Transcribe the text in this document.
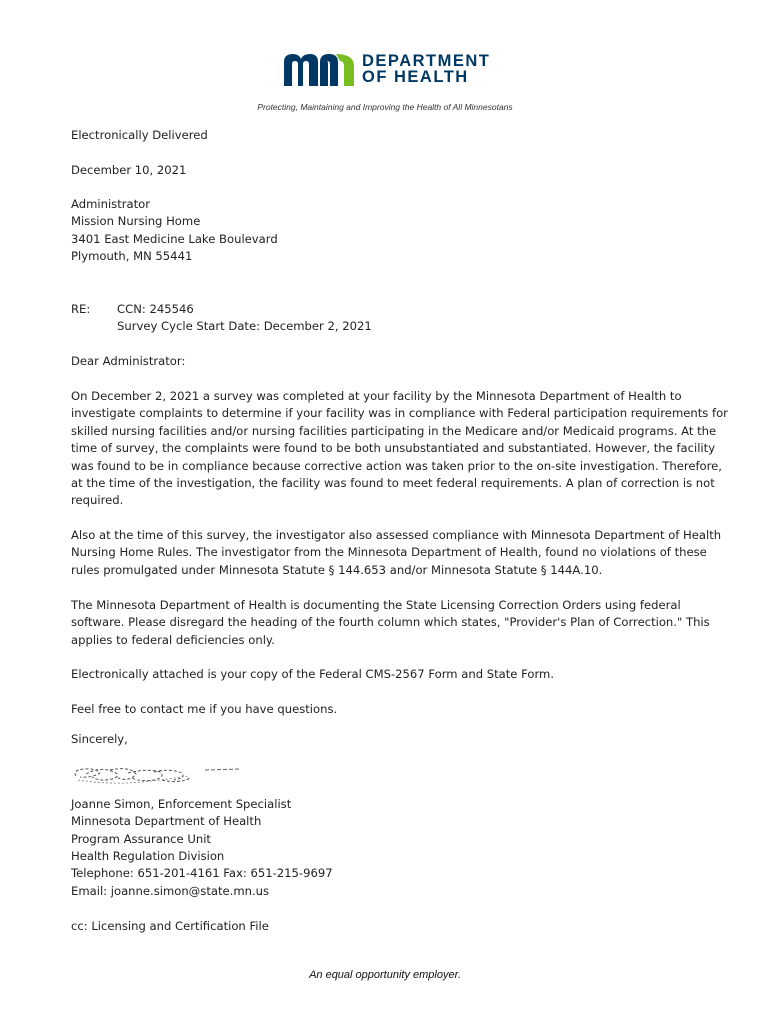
DEPARTMENT
OF HEALTH
Protecting, Maintaining and Improving the Health of All Minnesotans
Electronically Delivered
December 10, 2021
Administrator
Mission Nursing Home
3401 East Medicine Lake Boulevard
Plymouth, MN 55441
RE: CCN: 245546
Survey Cycle Start Date: December 2, 2021
Dear Administrator:
On December 2, 2021 a survey was completed at your facility by the Minnesota Department of Health to
investigate complaints to determine if your facility was in compliance with Federal participation requirements for
skilled nursing facilities and/or nursing facilities participating in the Medicare and/or Medicaid programs. At the
time of survey, the complaints were found to be both unsubstantiated and substantiated. However, the facility
was found to be in compliance because corrective action was taken prior to the on-site investigation. Therefore,
at the time of the investigation, the facility was found to meet federal requirements. A plan of correction is not
required.
Also at the time of this survey, the investigator also assessed compliance with Minnesota Department of Health
Nursing Home Rules. The investigator from the Minnesota Department of Health, found no violations of these
rules promulgated under Minnesota Statute § 144.653 and/or Minnesota Statute § 144A.10.
The Minnesota Department of Health is documenting the State Licensing Correction Orders using federal
software. Please disregard the heading of the fourth column which states, "Provider's Plan of Correction." This
applies to federal deficiencies only.
Electronically attached is your copy of the Federal CMS-2567 Form and State Form.
Feel free to contact me if you have questions.
Sincerely,
Joanne Simon, Enforcement Specialist
Minnesota Department of Health
Program Assurance Unit
Health Regulation Division
Telephone: 651-201-4161 Fax: 651-215-9697
Email: joanne.simon@state.mn.us
cc: Licensing and Certification File
An equal opportunity employer.
